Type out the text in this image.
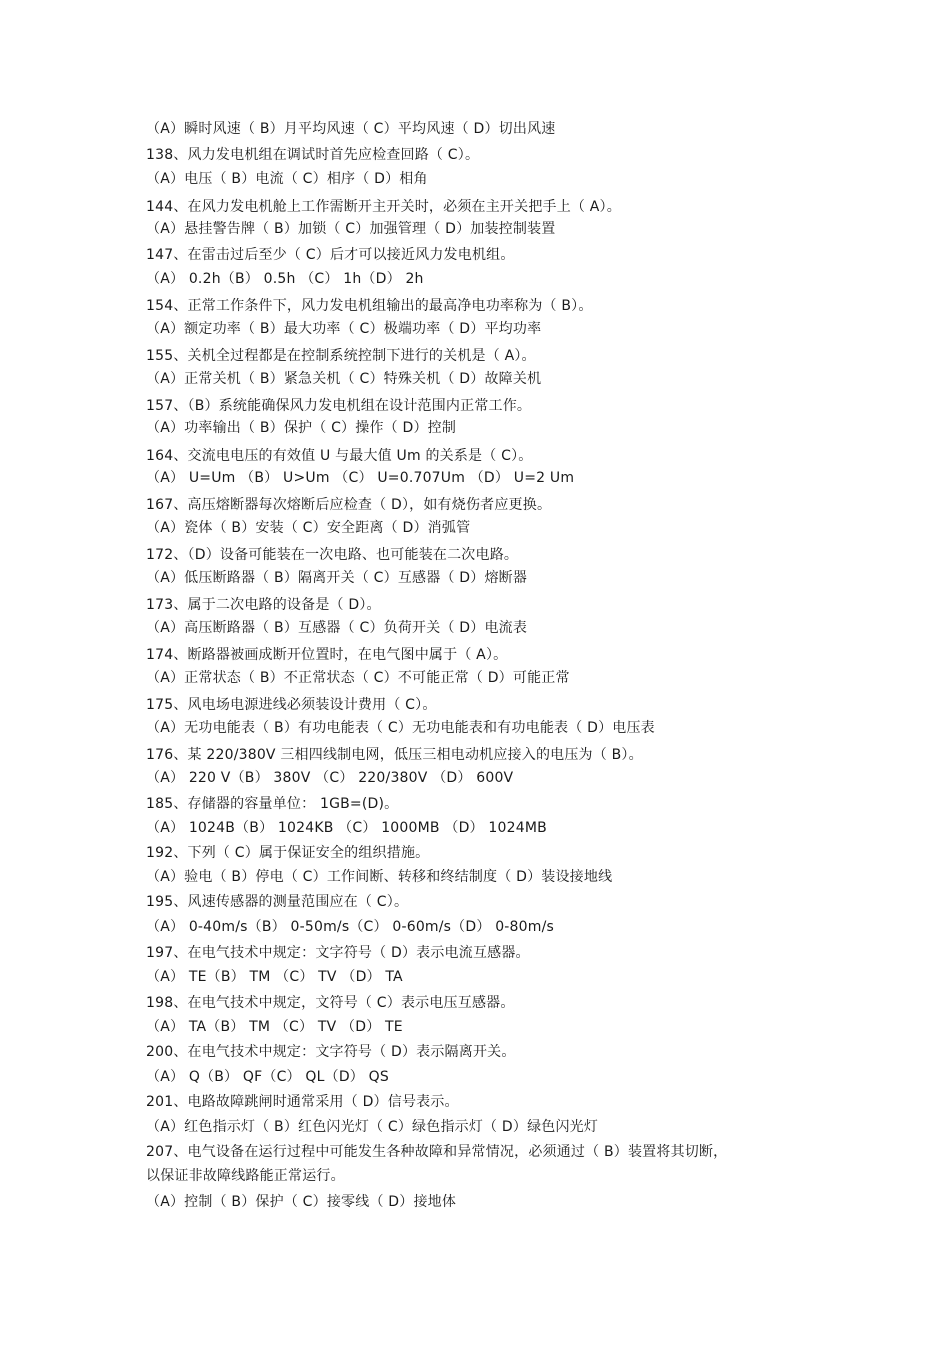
（A）瞬时风速（ B）月平均风速（ C）平均风速（ D）切出风速
138、风力发电机组在调试时首先应检查回路（ C）。
（A）电压（ B）电流（ C）相序（ D）相角
144、在风力发电机舱上工作需断开主开关时，必须在主开关把手上（ A）。
（A）悬挂警告牌（ B）加锁（ C）加强管理（ D）加装控制装置
147、在雷击过后至少（ C）后才可以接近风力发电机组。
（A） 0.2h（B） 0.5h （C） 1h（D） 2h
154、正常工作条件下，风力发电机组输出的最高净电功率称为（ B）。
（A）额定功率（ B）最大功率（ C）极端功率（ D）平均功率
155、关机全过程都是在控制系统控制下进行的关机是（ A）。
（A）正常关机（ B）紧急关机（ C）特殊关机（ D）故障关机
157、（B）系统能确保风力发电机组在设计范围内正常工作。
（A）功率输出（ B）保护（ C）操作（ D）控制
164、交流电电压的有效值 U 与最大值 Um 的关系是（ C）。
（A） U=Um （B） U>Um （C） U=0.707Um （D） U=2 Um
167、高压熔断器每次熔断后应检查（ D），如有烧伤者应更换。
（A）瓷体（ B）安装（ C）安全距离（ D）消弧管
172、（D）设备可能装在一次电路、也可能装在二次电路。
（A）低压断路器（ B）隔离开关（ C）互感器（ D）熔断器
173、属于二次电路的设备是（ D）。
（A）高压断路器（ B）互感器（ C）负荷开关（ D）电流表
174、断路器被画成断开位置时，在电气图中属于（ A）。
（A）正常状态（ B）不正常状态（ C）不可能正常（ D）可能正常
175、风电场电源进线必须装设计费用（ C）。
（A）无功电能表（ B）有功电能表（ C）无功电能表和有功电能表（ D）电压表
176、某 220/380V 三相四线制电网，低压三相电动机应接入的电压为（ B）。
（A） 220 V（B） 380V （C） 220/380V （D） 600V
185、存储器的容量单位： 1GB=(D)。
（A） 1024B（B） 1024KB （C） 1000MB （D） 1024MB
192、下列（ C）属于保证安全的组织措施。
（A）验电（ B）停电（ C）工作间断、转移和终结制度（ D）装设接地线
195、风速传感器的测量范围应在（ C）。
（A） 0-40m/s（B） 0-50m/s（C） 0-60m/s（D） 0-80m/s
197、在电气技术中规定：文字符号（ D）表示电流互感器。
（A） TE（B） TM （C） TV （D） TA
198、在电气技术中规定，文符号（ C）表示电压互感器。
（A） TA（B） TM （C） TV （D） TE
200、在电气技术中规定：文字符号（ D）表示隔离开关。
（A） Q（B） QF（C） QL（D） QS
201、电路故障跳闸时通常采用（ D）信号表示。
（A）红色指示灯（ B）红色闪光灯（ C）绿色指示灯（ D）绿色闪光灯
207、电气设备在运行过程中可能发生各种故障和异常情况，必须通过（ B）装置将其切断，
以保证非故障线路能正常运行。
（A）控制（ B）保护（ C）接零线（ D）接地体
